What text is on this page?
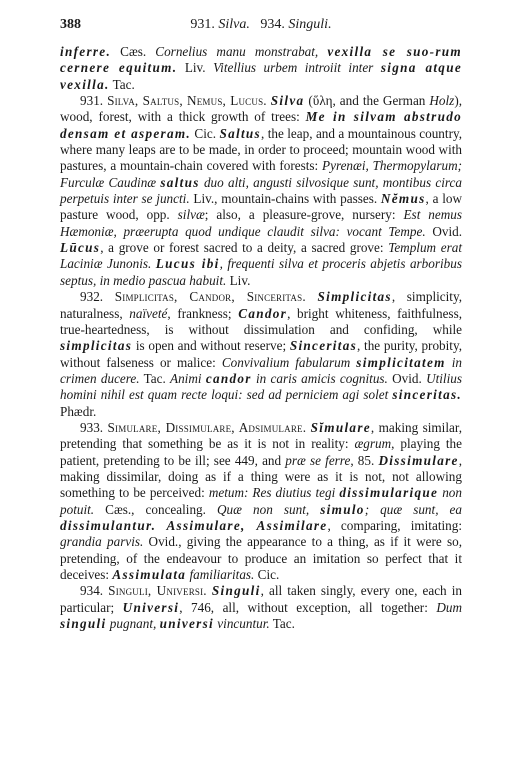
388	931. Silva. 934. Singuli.

inferre. Cæs. Cornelius manu monstrabat, vexilla se suo-rum cernere equitum. Liv. Vitellius urbem introiit inter signa atque vexilla. Tac.

931. Silva, Saltus, Nemus, Lucus. Silva (ὕλη, and the German Holz), wood, forest, with a thick growth of trees: Me in silvam abstrudo densam et asperam. Cic. Saltus, the leap, and a mountainous country, where many leaps are to be made, in order to proceed; mountain wood with pastures, a mountain-chain covered with forests: Pyrenæi, Thermopylarum; Furculæ Caudinæ saltus duo alti, angusti silvosique sunt, montibus circa perpetuis inter se juncti. Liv., mountain-chains with passes. Nĕmus, a low pasture wood, opp. silvæ; also, a pleasure-grove, nursery: Est nemus Hæmoniæ, præerupta quod undique claudit silva: vocant Tempe. Ovid. Lūcus, a grove or forest sacred to a deity, a sacred grove: Templum erat Laciniæ Junonis. Lucus ibi, frequenti silva et proceris abjetis arboribus septus, in medio pascua habuit. Liv.

932. Simplicitas, Candor, Sinceritas. Simplicitas, simplicity, naturalness, naïveté, frankness; Candor, bright whiteness, faithfulness, true-heartedness, is without dissimulation and confiding, while simplicitas is open and without reserve; Sinceritas, the purity, probity, without falseness or malice: Convivalium fabularum simplicitatem in crimen ducere. Tac. Animi candor in caris amicis cognitus. Ovid. Utilius homini nihil est quam recte loqui: sed ad perniciem agi solet sinceritas. Phædr.

933. Simulare, Dissimulare, Adsimulare. Sĭmulare, making similar, pretending that something be as it is not in reality: ægrum, playing the patient, pretending to be ill; see 449, and præ se ferre, 85. Dissimulare, making dissimilar, doing as if a thing were as it is not, not allowing something to be perceived: metum: Res diutius tegi dissimularique non potuit. Cæs., concealing. Quæ non sunt, simulo; quæ sunt, ea dissimulantur. Assimulare, Assimilare, comparing, imitating: grandia parvis. Ovid., giving the appearance to a thing, as if it were so, pretending, of the endeavour to produce an imitation so perfect that it deceives: Assimulata familiaritas. Cic.

934. Singuli, Universi. Singuli, all taken singly, every one, each in particular; Universi, 746, all, without exception, all together: Dum singuli pugnant, universi vincuntur. Tac.
